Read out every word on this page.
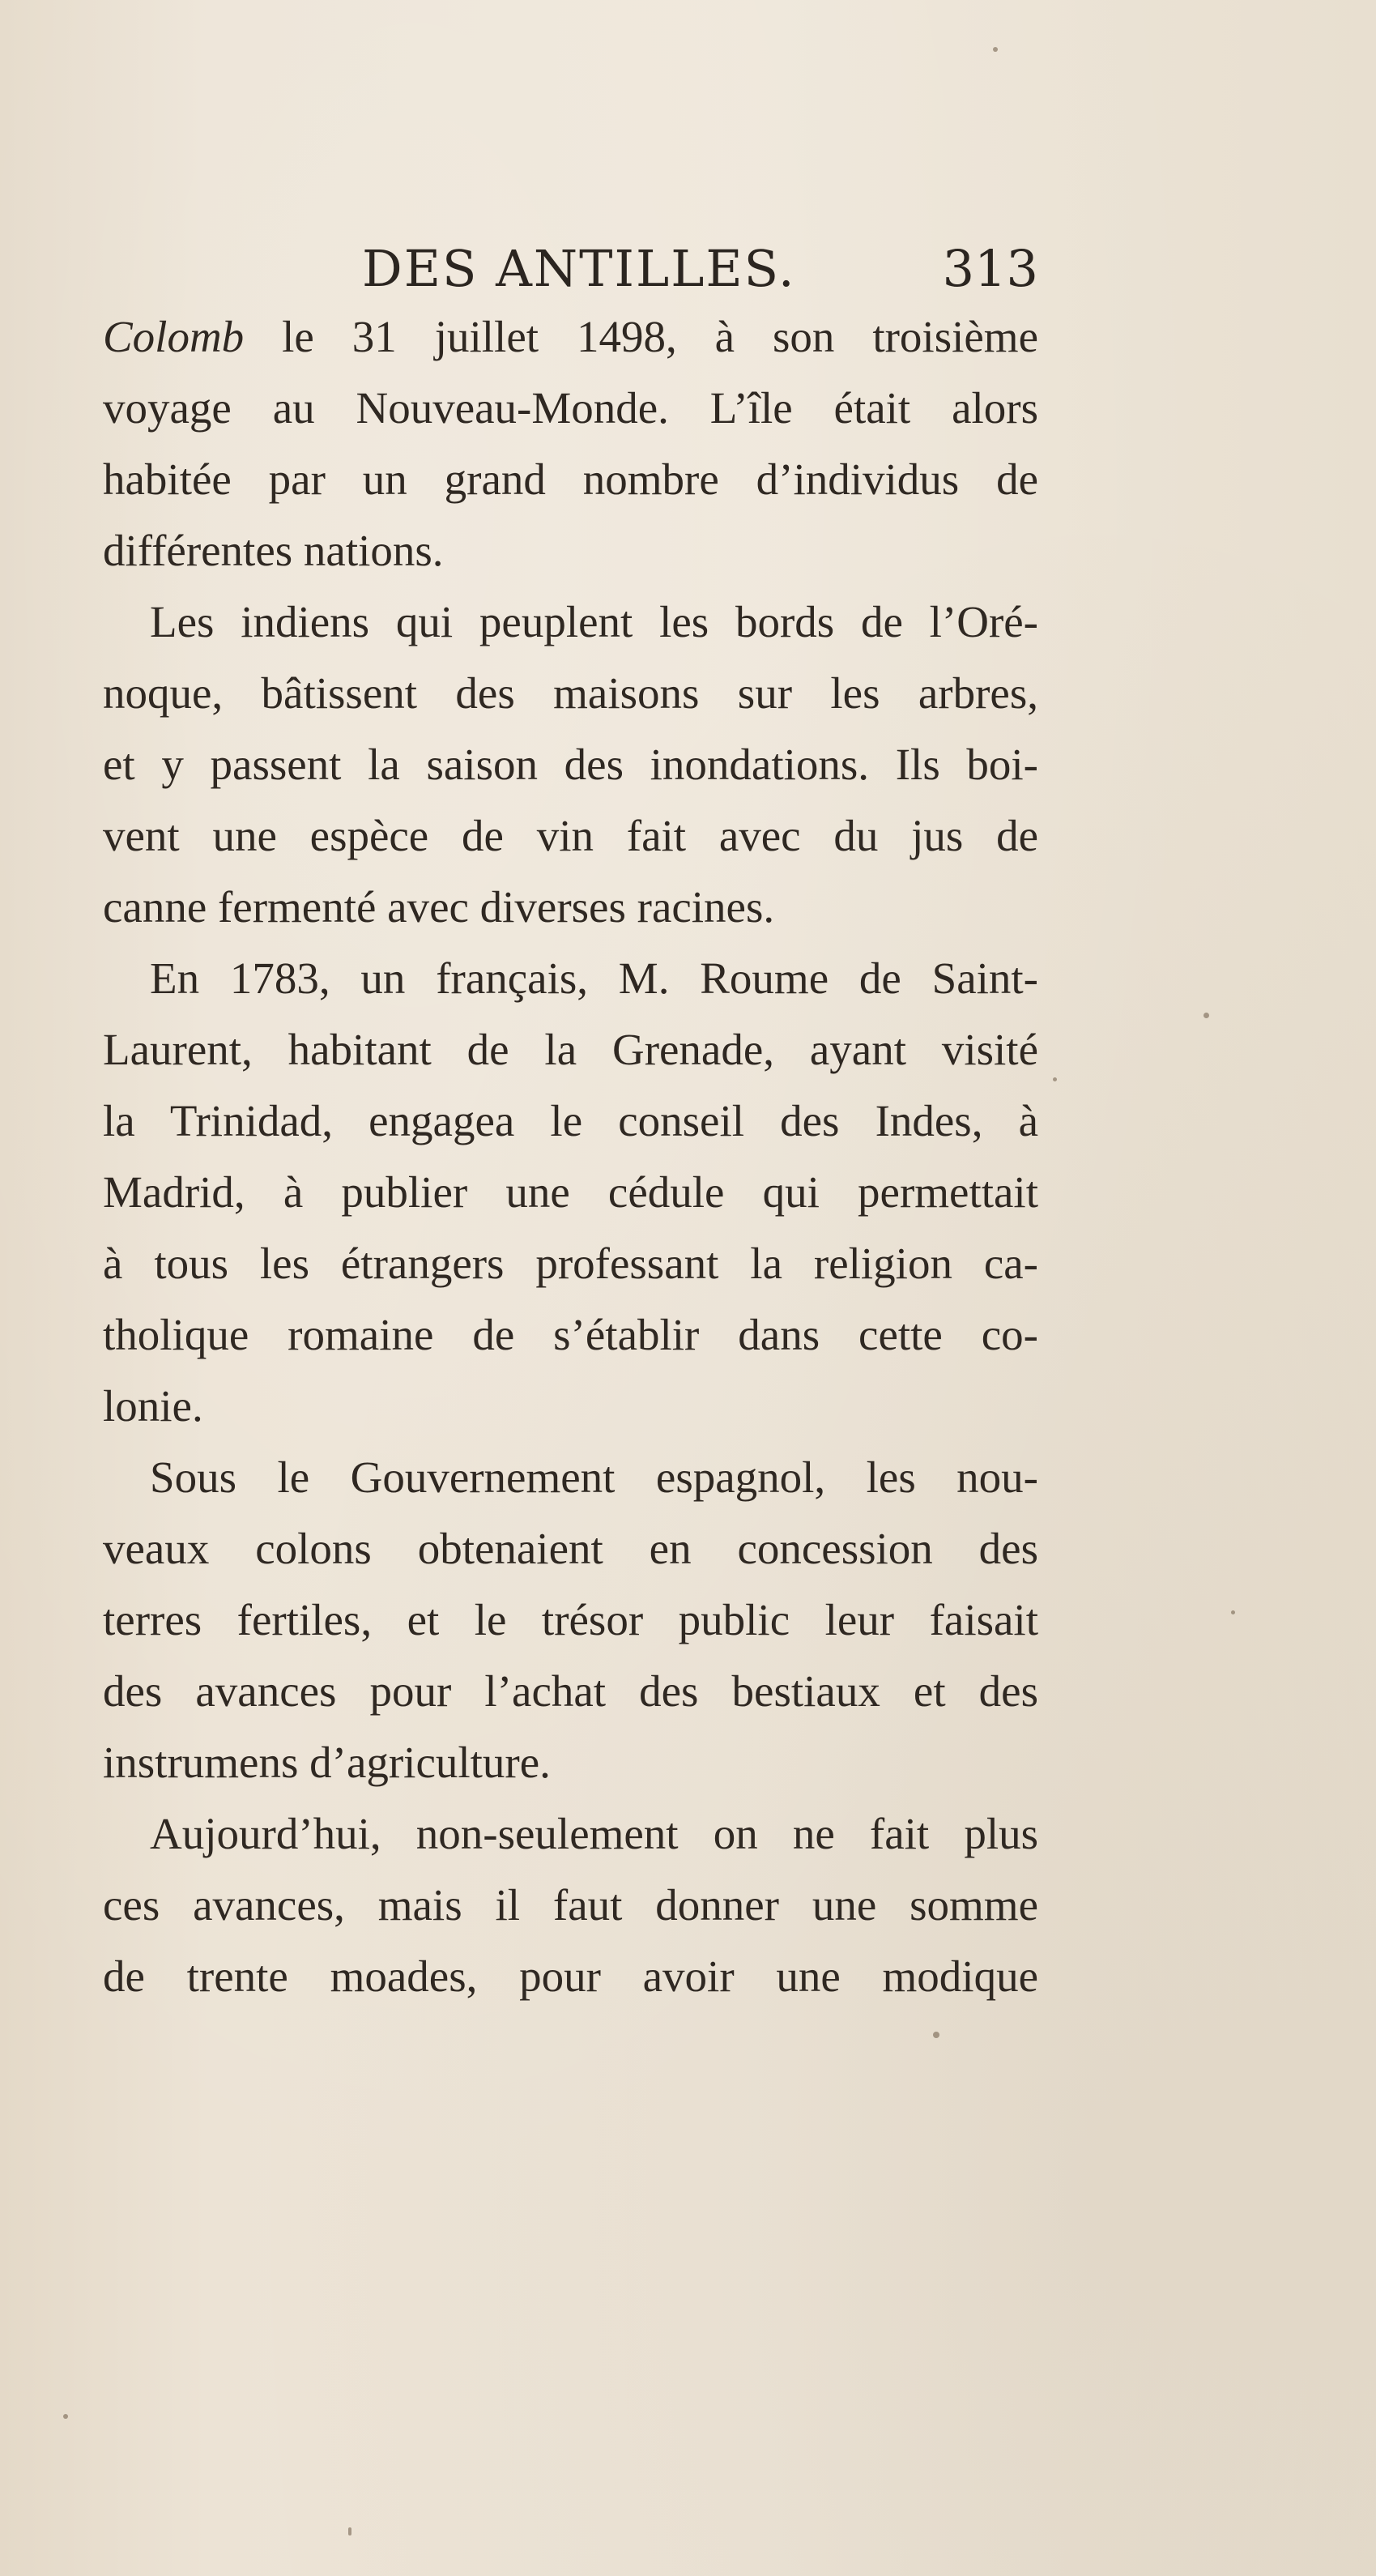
DES ANTILLES.	313
Colomb le 31 juillet 1498, à son troisième
voyage au Nouveau-Monde. L’île était alors
habitée par un grand nombre d’individus de
différentes nations.
Les indiens qui peuplent les bords de l’Oré-
noque, bâtissent des maisons sur les arbres,
et y passent la saison des inondations. Ils boi-
vent une espèce de vin fait avec du jus de
canne fermenté avec diverses racines.
En 1783, un français, M. Roume de Saint-
Laurent, habitant de la Grenade, ayant visité
la Trinidad, engagea le conseil des Indes, à
Madrid, à publier une cédule qui permettait
à tous les étrangers professant la religion ca-
tholique romaine de s’établir dans cette co-
lonie.
Sous le Gouvernement espagnol, les nou-
veaux colons obtenaient en concession des
terres fertiles, et le trésor public leur faisait
des avances pour l’achat des bestiaux et des
instrumens d’agriculture.
Aujourd’hui, non-seulement on ne fait plus
ces avances, mais il faut donner une somme
de trente moades, pour avoir une modique
